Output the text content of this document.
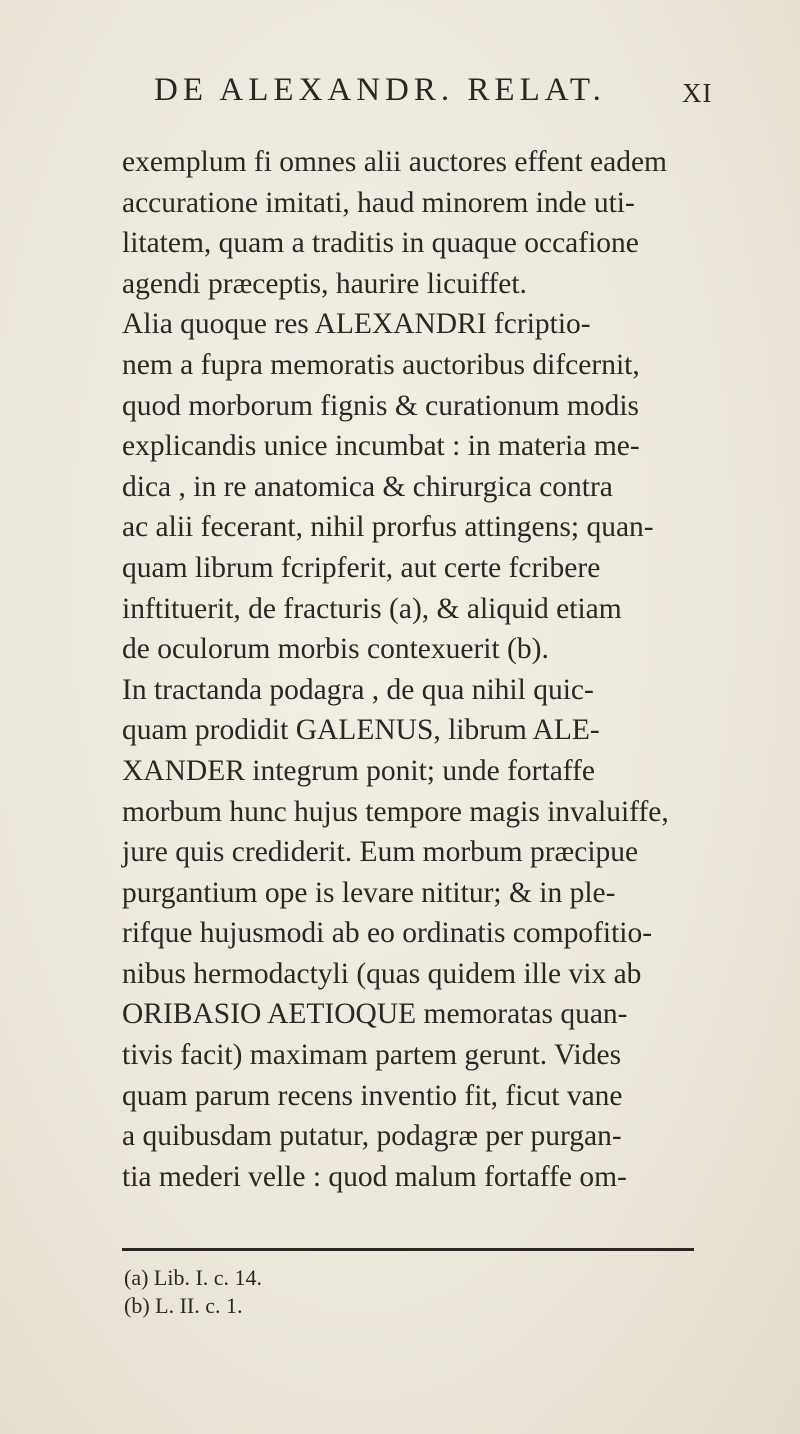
DE ALEXANDR. RELAT.	XI
exemplum fi omnes alii auctores effent eadem
accuratione imitati, haud minorem inde uti-
litatem, quam a traditis in quaque occafione
agendi præceptis, haurire licuiffet.
Alia quoque res ALEXANDRI fcriptio-
nem a fupra memoratis auctoribus difcernit,
quod morborum fignis & curationum modis
explicandis unice incumbat : in materia me-
dica , in re anatomica & chirurgica contra
ac alii fecerant, nihil prorfus attingens; quan-
quam librum fcripferit, aut certe fcribere
inftituerit, de fracturis (a), & aliquid etiam
de oculorum morbis contexuerit (b).
In tractanda podagra , de qua nihil quic-
quam prodidit GALENUS, librum ALE-
XANDER integrum ponit; unde fortaffe
morbum hunc hujus tempore magis invaluiffe,
jure quis crediderit. Eum morbum præcipue
purgantium ope is levare nititur; & in ple-
rifque hujusmodi ab eo ordinatis compofitio-
nibus hermodactyli (quas quidem ille vix ab
ORIBASIO AETIOQUE memoratas quan-
tivis facit) maximam partem gerunt. Vides
quam parum recens inventio fit, ficut vane
a quibusdam putatur, podagræ per purgan-
tia mederi velle : quod malum fortaffe om-
(a) Lib. I. c. 14.
(b) L. II. c. 1.
